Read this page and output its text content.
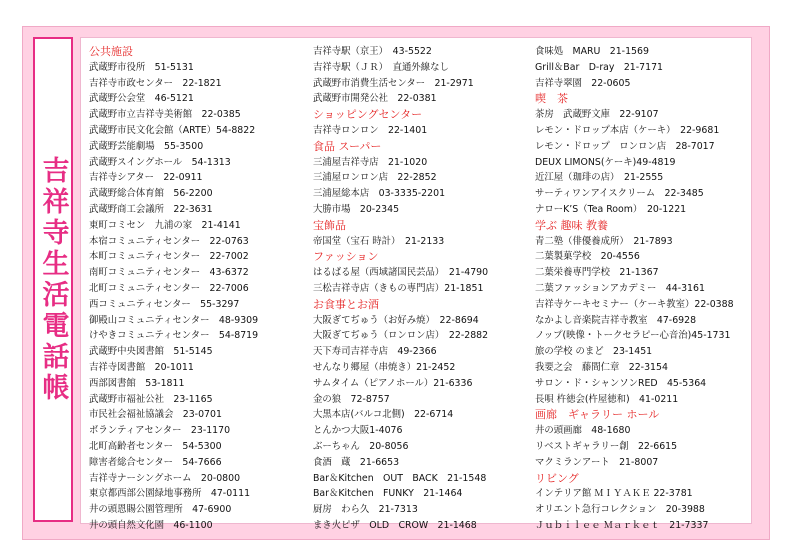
吉祥寺生活電話帳
公共施設
武蔵野市役所　51-5131
吉祥寺市政センター　22-1821
武蔵野公会堂　46-5121
武蔵野市立吉祥寺美術館　22-0385
武蔵野市民文化会館（ARTE）54-8822
武蔵野芸能劇場　55-3500
武蔵野スイングホール　54-1313
吉祥寺シアター　22-0911
武蔵野総合体育館　56-2200
武蔵野商工会議所　22-3631
東町コミセン　九浦の家　21-4141
本宿コミュニティセンター　22-0763
本町コミュニティセンター　22-7002
南町コミュニティセンター　43-6372
北町コミュニティセンター　22-7006
西コミュニティセンター　55-3297
御殿山コミュニティセンター　48-9309
けやきコミュニティセンター　54-8719
武蔵野中央図書館　51-5145
吉祥寺図書館　20-1011
西部図書館　53-1811
武蔵野市福祉公社　23-1165
市民社会福祉協議会　23-0701
ボランティアセンター　23-1170
北町高齢者センター　54-5300
障害者総合センター　54-7666
吉祥寺ナーシングホーム　20-0800
東京都西部公園緑地事務所　47-0111
井の頭恩賜公園管理所　47-6900
井の頭自然文化園　46-1100
吉祥寺駅（京王）　43-5522
吉祥寺駅（ＪＲ）　直通外線なし
武蔵野市消費生活センター　21-2971
武蔵野市開発公社　22-0381
ショッピングセンター
吉祥寺ロンロン　22-1401
食品 スーパー
三浦屋吉祥寺店　21-1020
三浦屋ロンロン店　22-2852
三浦屋総本店　03-3335-2201
大勝市場　20-2345
宝飾品
帝国堂（宝石 時計）　21-2133
ファッション
はるばる屋（西域諸国民芸品）　21-4790
三松吉祥寺店（きもの専門店）21-1851
お食事とお酒
大阪ぎてぢゅう（お好み焼）　22-8694
大阪ぎてぢゅう（ロンロン店）　22-2882
天下寿司吉祥寺店　49-2366
せんなり郷屋（串焼き）21-2452
サムタイム（ピアノホール）21-6336
金の狼　72-8757
大黒本店(バルコ北側)　22-6714
とんかつ大阪1-4076
ぶーちゃん　20-8056
食酒　蔵　21-6653
Bar＆Kitchen　OUT　BACK　21-1548
Bar＆Kitchen　FUNKY　21-1464
厨房　わら久　21-7313
まき火ピザ　OLD　CROW　21-1468
食味処　MARU　21-1569
Grill＆Bar　D-ray　21-7171
吉祥寺翠園　22-0605
喫　茶
茶房　武蔵野文庫　22-9107
レモン・ドロップ本店（ケーキ）　22-9681
レモン・ドロップ　ロンロン店　28-7017
DEUX LIMONS(ケーキ)49-4819
近江屋（珈琲の店）　21-2555
サーティワンアイスクリーム　22-3485
ナローK’S（Tea Room）　20-1221
学ぶ 趣味 教養
青二塾（俳優養成所）　21-7893
二葉製菓学校　20-4556
二葉栄養専門学校　21-1367
二葉ファッションアカデミー　44-3161
吉祥寺ケーキセミナー（ケーキ教室）22-0388
なかよし音楽院吉祥寺教室　47-6928
ノップ(映像・トークセラピー心音治)45-1731
旅の学校 のまど　23-1451
我要之会　藤間仁章　22-3154
サロン・ド・シャンソンRED　45-5364
長唄 杵徳会(杵屋徳和)　41-0211
画廊　ギャラリー ホール
井の頭画廊　48-1680
リベストギャラリー創　22-6615
マクミランアート　21-8007
リビング
インテリア館 ＭＩＹＡＫＥ 22-3781
オリエント急行コレクション　20-3988
Ｊｕｂｉｌｅｅ Ｍａｒｋｅｔ　21-7337
